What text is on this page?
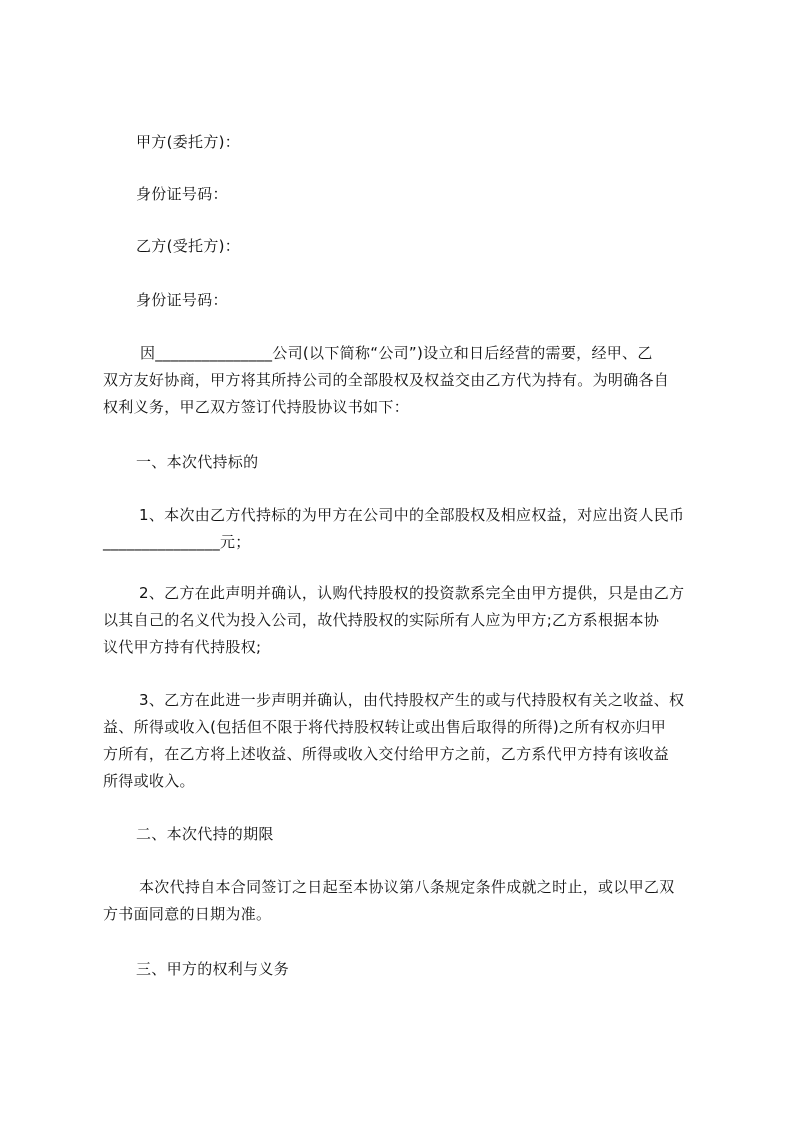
甲方(委托方)：
身份证号码：
乙方(受托方)：
身份证号码：
因_______________公司(以下简称“公司”)设立和日后经营的需要，经甲、乙
双方友好协商，甲方将其所持公司的全部股权及权益交由乙方代为持有。为明确各自
权利义务，甲乙双方签订代持股协议书如下：
一、本次代持标的
1、本次由乙方代持标的为甲方在公司中的全部股权及相应权益，对应出资人民币
_______________元；
2、乙方在此声明并确认，认购代持股权的投资款系完全由甲方提供，只是由乙方
以其自己的名义代为投入公司，故代持股权的实际所有人应为甲方;乙方系根据本协
议代甲方持有代持股权;
3、乙方在此进一步声明并确认，由代持股权产生的或与代持股权有关之收益、权
益、所得或收入(包括但不限于将代持股权转让或出售后取得的所得)之所有权亦归甲
方所有，在乙方将上述收益、所得或收入交付给甲方之前，乙方系代甲方持有该收益
所得或收入。
二、本次代持的期限
本次代持自本合同签订之日起至本协议第八条规定条件成就之时止，或以甲乙双
方书面同意的日期为准。
三、甲方的权利与义务
